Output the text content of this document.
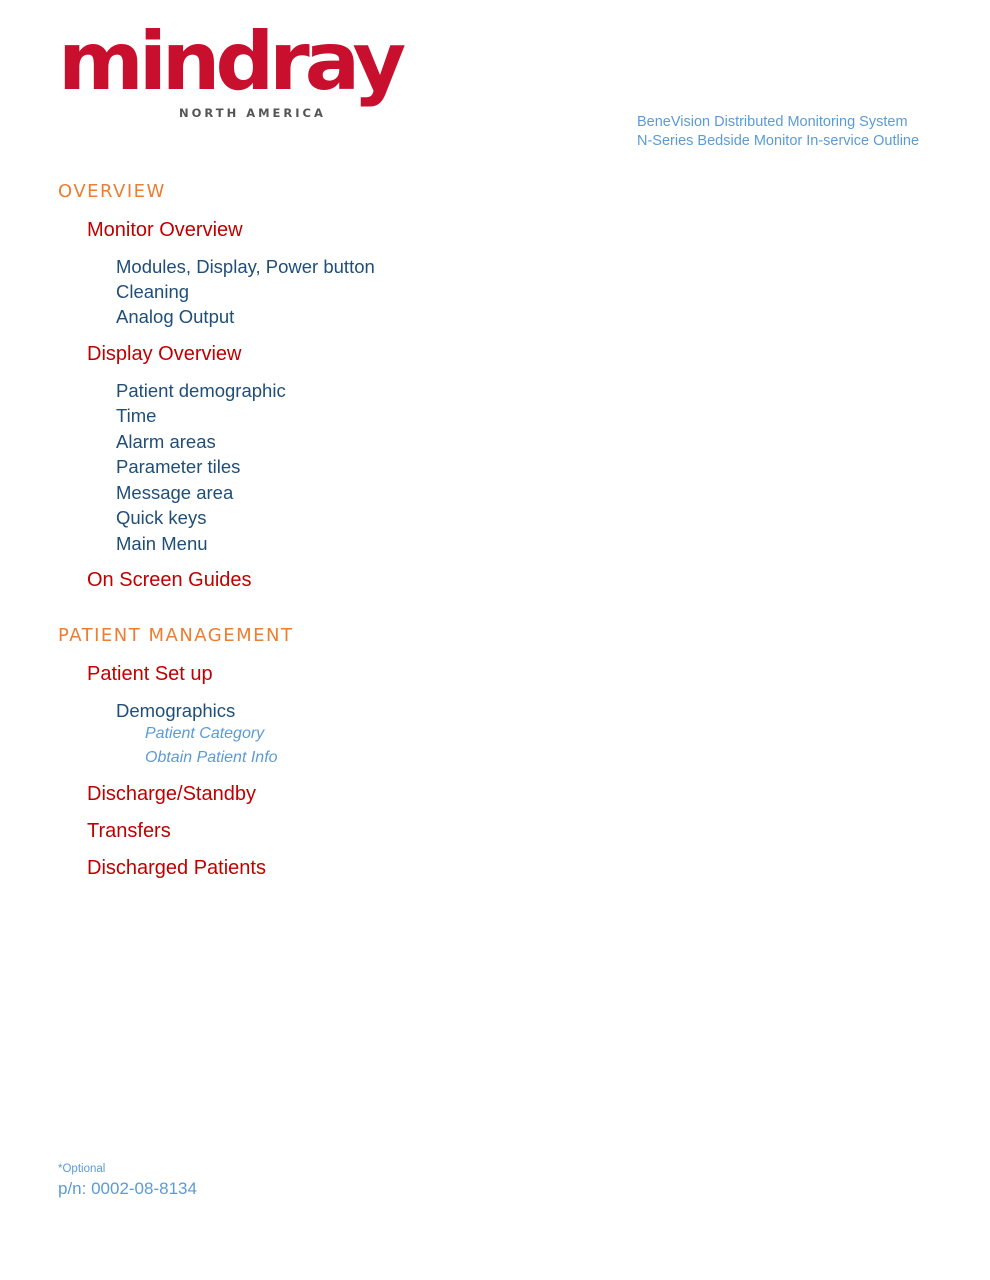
mindray
NORTH AMERICA
BeneVision Distributed Monitoring System
N-Series Bedside Monitor In-service Outline
OVERVIEW
Monitor Overview
Modules, Display, Power button
Cleaning
Analog Output
Display Overview
Patient demographic
Time
Alarm areas
Parameter tiles
Message area
Quick keys
Main Menu
On Screen Guides
PATIENT MANAGEMENT
Patient Set up
Demographics
Patient Category
Obtain Patient Info
Discharge/Standby
Transfers
Discharged Patients
*Optional
p/n: 0002-08-8134
